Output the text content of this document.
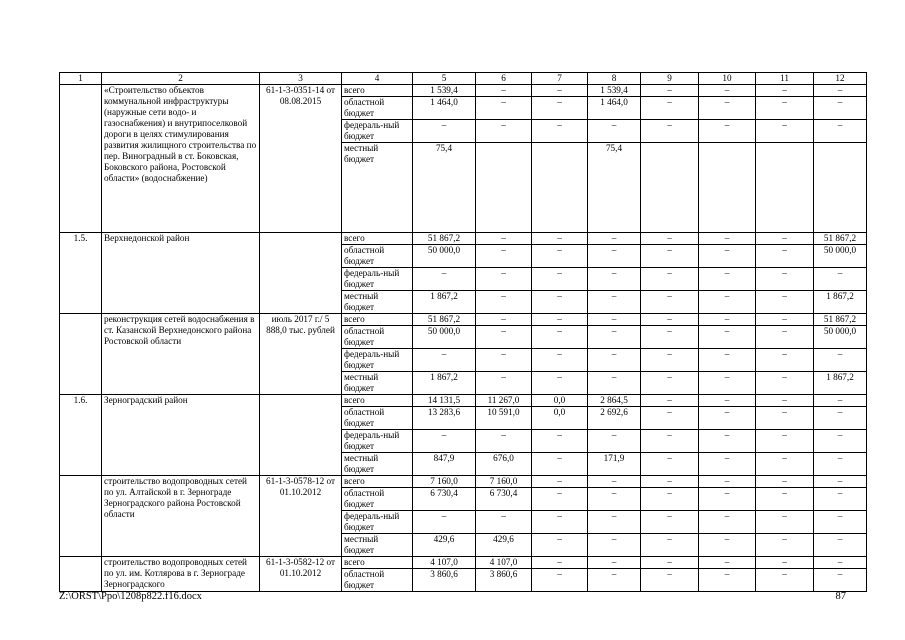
1	2	3	4	5	6	7	8	9	10	11	12
	«Строительство объектов коммунальной инфраструктуры (наружные сети водо- и газоснабжения) и внутрипоселковой дороги в целях стимулирования развития жилищного строительства по пер. Виноградный в ст. Боковская, Боковского района, Ростовской области» (водоснабжение)	61-1-3-0351-14 от 08.08.2015	всего	1 539,4	–	–	1 539,4	–	–	–	–
			областной бюджет	1 464,0	–	–	1 464,0	–	–	–	–
			федераль-ный бюджет	–	–	–	–	–	–	–	–
			местный бюджет	75,4			75,4				
1.5.	Верхнедонской район		всего	51 867,2	–	–	–	–	–	–	51 867,2
			областной бюджет	50 000,0	–	–	–	–	–	–	50 000,0
			федераль-ный бюджет	–	–	–	–	–	–	–	–
			местный бюджет	1 867,2	–	–	–	–	–	–	1 867,2
	реконструкция сетей водоснабжения в ст. Казанской Верхнедонского района Ростовской области	июль 2017 г./ 5 888,0 тыс. рублей	всего	51 867,2	–	–	–	–	–	–	51 867,2
			областной бюджет	50 000,0	–	–	–	–	–	–	50 000,0
			федераль-ный бюджет	–	–	–	–	–	–	–	–
			местный бюджет	1 867,2	–	–	–	–	–	–	1 867,2
1.6.	Зерноградский район		всего	14 131,5	11 267,0	0,0	2 864,5	–	–	–	–
			областной бюджет	13 283,6	10 591,0	0,0	2 692,6	–	–	–	–
			федераль-ный бюджет	–	–	–	–	–	–	–	–
			местный бюджет	847,9	676,0	–	171,9	–	–	–	–
	строительство водопроводных сетей по ул. Алтайской в г. Зернограде Зерноградского района Ростовской области	61-1-3-0578-12 от 01.10.2012	всего	7 160,0	7 160,0	–	–	–	–	–	–
			областной бюджет	6 730,4	6 730,4	–	–	–	–	–	–
			федераль-ный бюджет	–	–	–	–	–	–	–	–
			местный бюджет	429,6	429,6	–	–	–	–	–	–
	строительство водопроводных сетей по ул. им. Котлярова в г. Зернограде Зерноградского	61-1-3-0582-12 от 01.10.2012	всего	4 107,0	4 107,0	–	–	–	–	–	–
			областной бюджет	3 860,6	3 860,6	–	–	–	–	–	–
Z:\ORST\Ppo\1208p822.f16.docx	87
